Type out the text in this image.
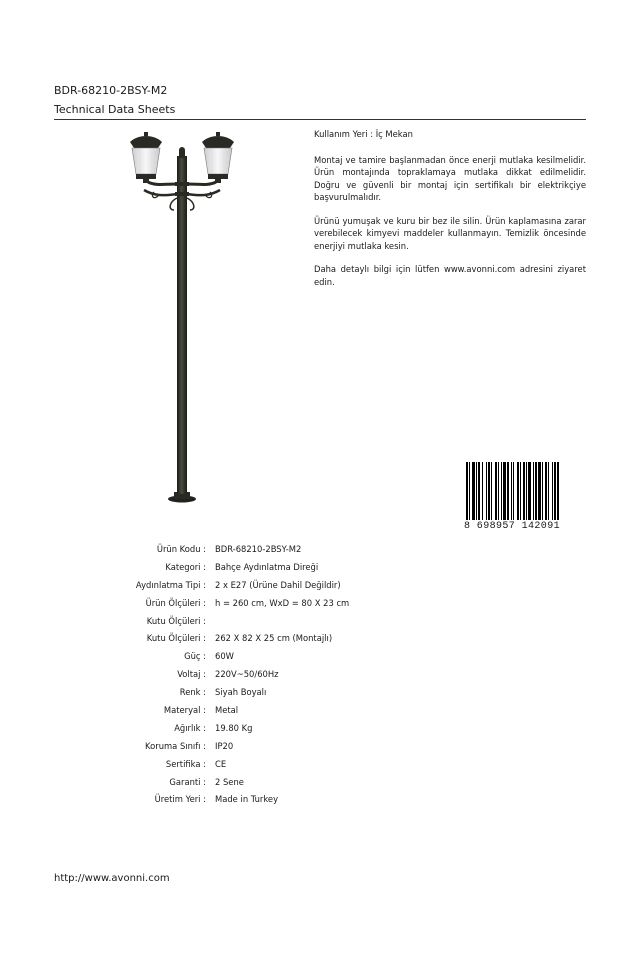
BDR-68210-2BSY-M2
Technical Data Sheets

Kullanım Yeri : İç Mekan

Montaj ve tamire başlanmadan önce enerji mutlaka kesilmelidir. Ürün montajında topraklamaya mutlaka dikkat edilmelidir. Doğru ve güvenli bir montaj için sertifikalı bir elektrikçiye başvurulmalıdır.

Ürünü yumuşak ve kuru bir bez ile silin. Ürün kaplamasına zarar verebilecek kimyevi maddeler kullanmayın. Temizlik öncesinde enerjiyi mutlaka kesin.

Daha detaylı bilgi için lütfen www.avonni.com adresini ziyaret edin.

8 698957 142091
Ürün Kodu : BDR-68210-2BSY-M2
Kategori : Bahçe Aydınlatma Direği
Aydınlatma Tipi : 2 x E27 (Ürüne Dahil Değildir)
Ürün Ölçüleri : h = 260 cm, WxD = 80 X 23 cm
Kutu Ölçüleri :
Kutu Ölçüleri : 262 X 82 X 25 cm (Montajlı)
Güç : 60W
Voltaj : 220V~50/60Hz
Renk : Siyah Boyalı
Materyal : Metal
Ağırlık : 19.80 Kg
Koruma Sınıfı : IP20
Sertifika : CE
Garanti : 2 Sene
Üretim Yeri : Made in Turkey
http://www.avonni.com
